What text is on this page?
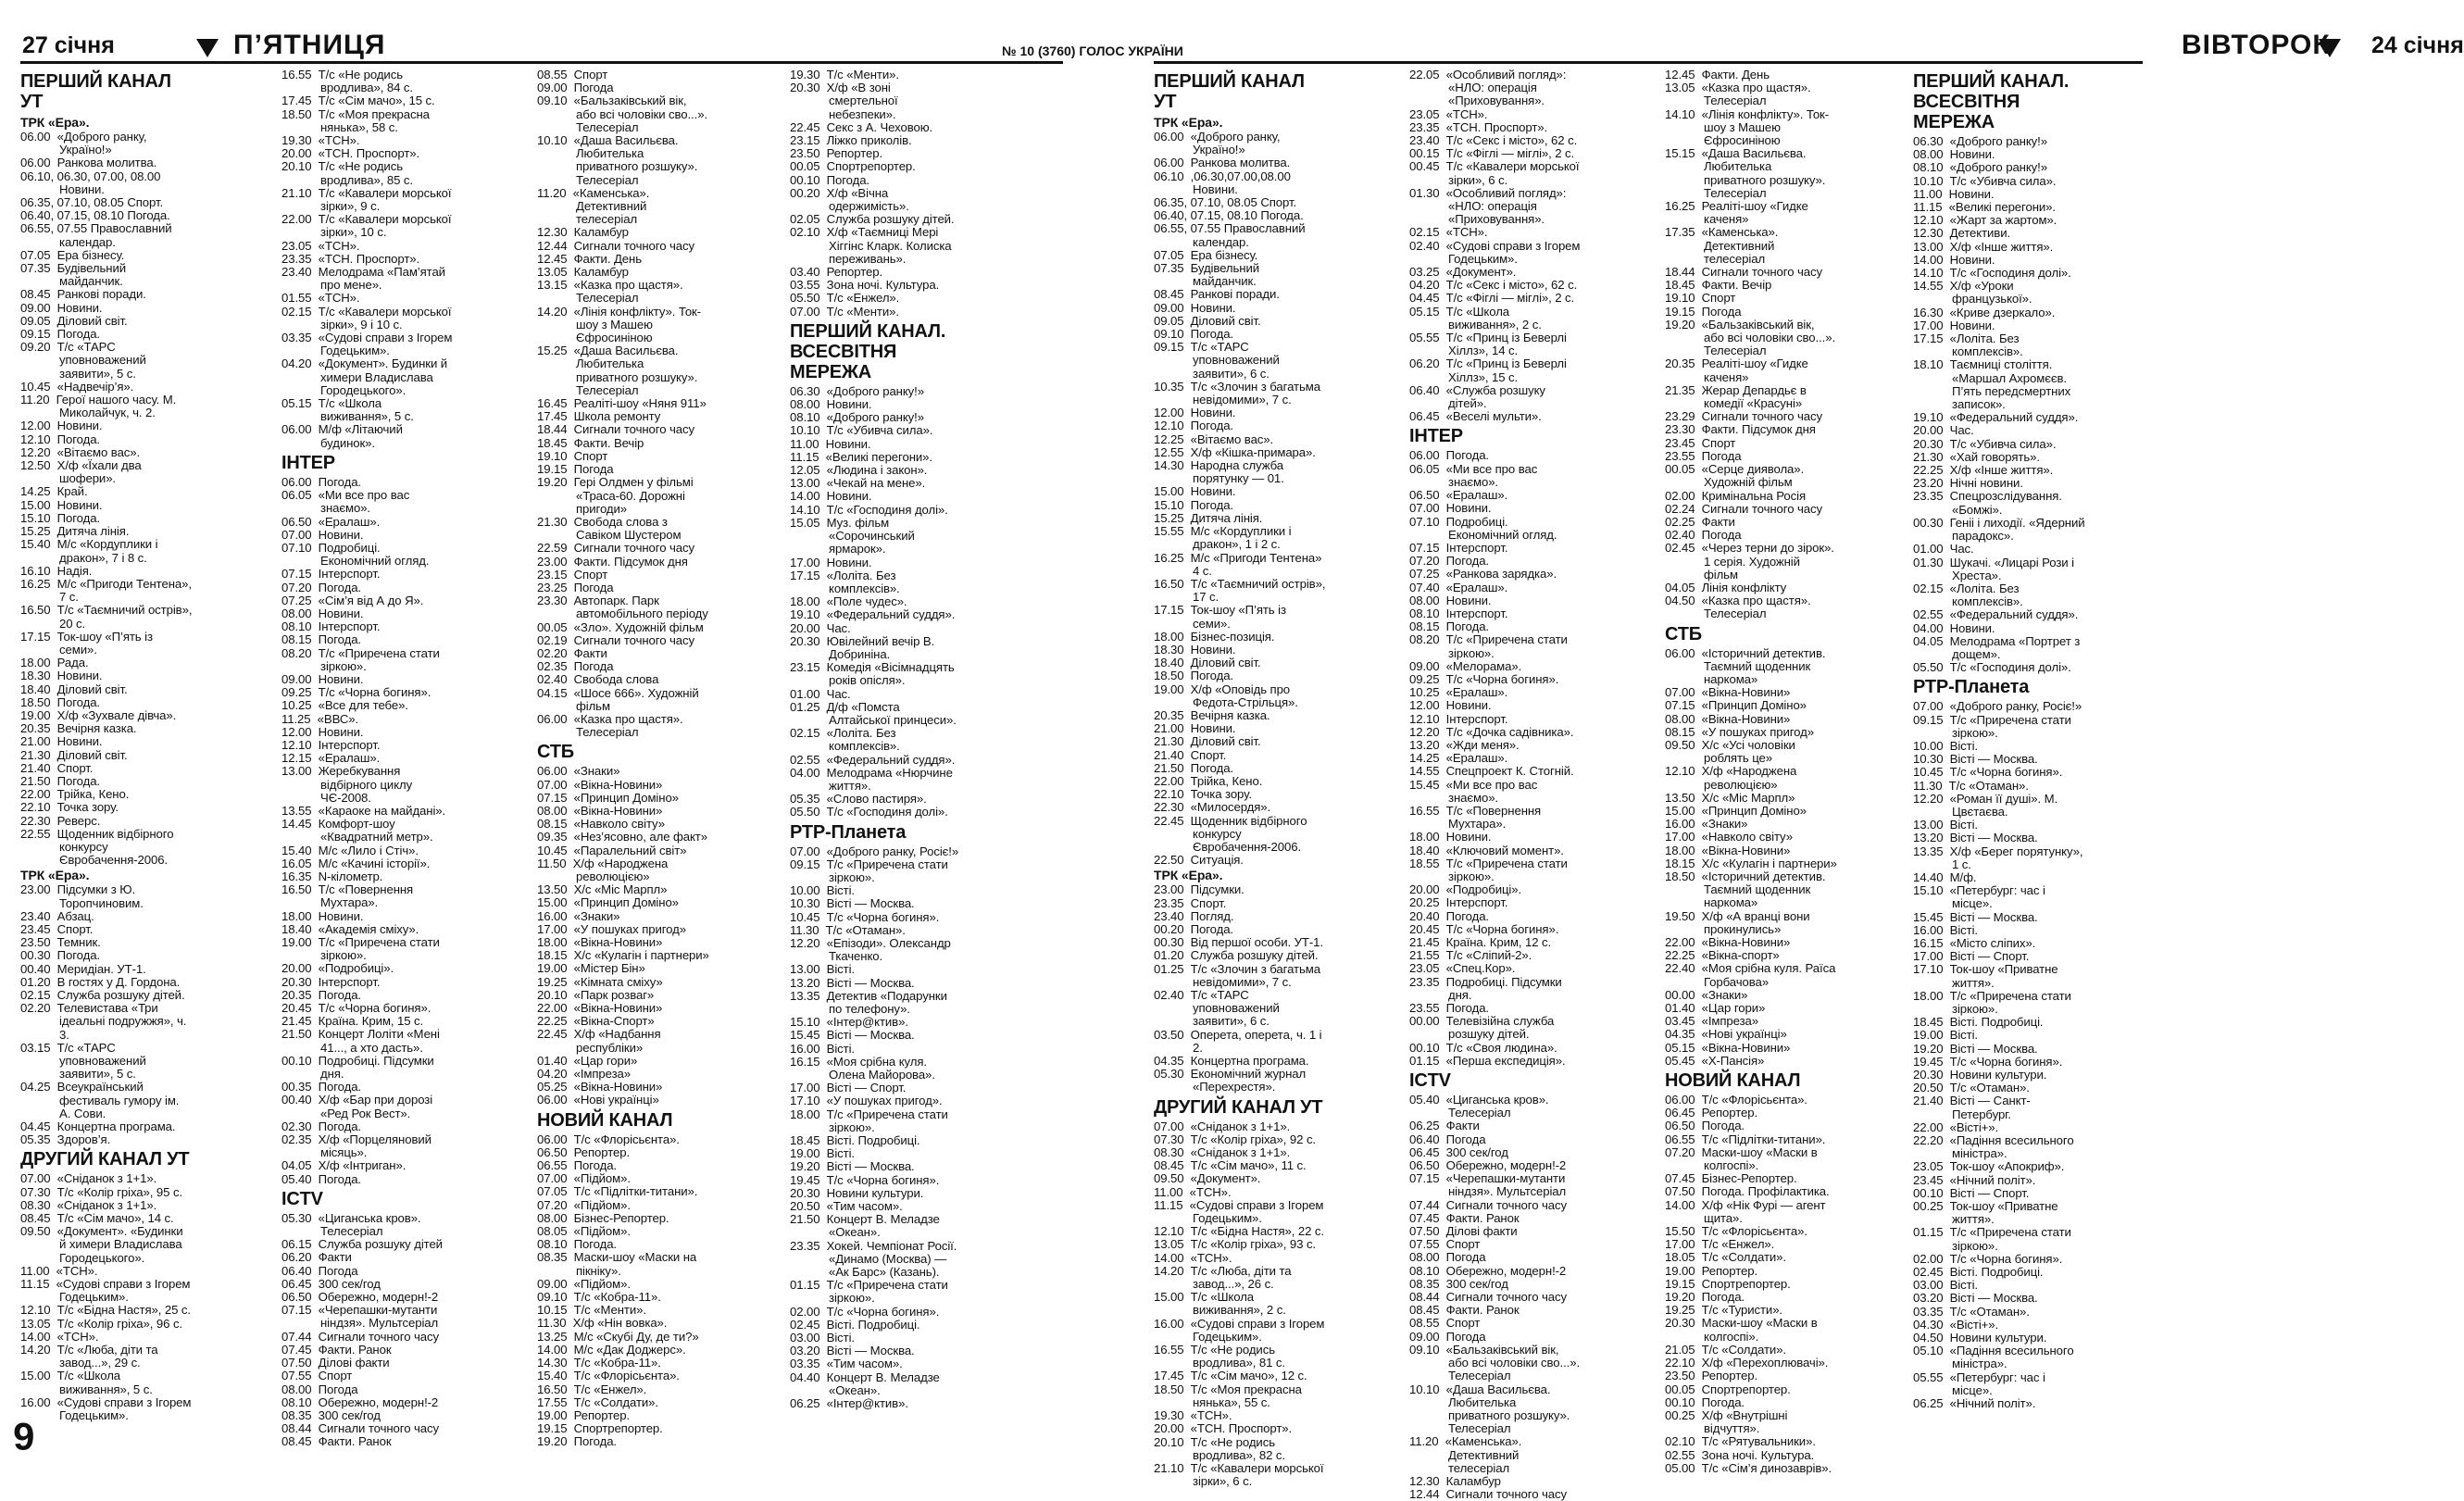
27 січня	П’ЯТНИЦЯ	№ 10 (3760) ГОЛОС УКРАЇНИ
ПЕРШИЙ КАНАЛ УТ
ТРК «Ера».
06.00  «Доброго ранку, Україно!»
06.00  Ранкова молитва.
06.10, 06.30, 07.00, 08.00 Новини.
06.35, 07.10, 08.05 Спорт.
06.40, 07.15, 08.10 Погода.
06.55, 07.55 Православний календар.
07.05  Ера бізнесу.
07.35  Будівельний майданчик.
08.45  Ранкові поради.
09.00  Новини.
09.05  Діловий світ.
09.15  Погода.
09.20  Т/с «ТАРС уповноважений заявити», 5 с.
10.45  «Надвечір’я».
11.20  Герої нашого часу. М. Миколайчук, ч. 2.
12.00  Новини.
12.10  Погода.
12.20  «Вітаємо вас».
12.50  Х/ф «Їхали два шофери».
14.25  Край.
15.00  Новини.
15.10  Погода.
15.25  Дитяча лінія.
15.40  М/с «Кордуплики і дракон», 7 і 8 с.
16.10  Надія.
16.25  М/с «Пригоди Тентена», 7 с.
16.50  Т/с «Таємничий острів», 20 с.
17.15  Ток-шоу «П’ять із семи».
18.00  Рада.
18.30  Новини.
18.40  Діловий світ.
18.50  Погода.
19.00  Х/ф «Зухвале дівча».
20.35  Вечірня казка.
21.00  Новини.
21.30  Діловий світ.
21.40  Спорт.
21.50  Погода.
22.00  Трійка, Кено.
22.10  Точка зору.
22.30  Реверс.
22.55  Щоденник відбірного конкурсу Євробачення-2006.
ТРК «Ера».
23.00  Підсумки з Ю. Торопчиновим.
23.40  Абзац.
23.45  Спорт.
23.50  Темник.
00.30  Погода.
00.40  Меридіан. УТ-1.
01.20  В гостях у Д. Гордона.
02.15  Служба розшуку дітей.
02.20  Телевистава «Три ідеальні подружжя», ч. 3.
03.15  Т/с «ТАРС уповноважений заявити», 5 с.
04.25  Всеукраїнський фестиваль гумору ім. А. Сови.
04.45  Концертна програма.
05.35  Здоров’я.
ДРУГИЙ КАНАЛ УТ
07.00  «Сніданок з 1+1».
07.30  Т/с «Колір гріха», 95 с.
08.30  «Сніданок з 1+1».
08.45  Т/с «Сім мачо», 14 с.
09.50  «Документ». «Будинки й химери Владислава Городецького».
11.00  «ТСН».
11.15  «Судові справи з Ігорем Годецьким».
12.10  Т/с «Бідна Настя», 25 с.
13.05  Т/с «Колір гріха», 96 с.
14.00  «ТСН».
14.20  Т/с «Люба, діти та завод...», 29 с.
15.00  Т/с «Школа виживання», 5 с.
16.00  «Судові справи з Ігорем Годецьким».
16.55  Т/с «Не родись вродлива», 84 с.
17.45  Т/с «Сім мачо», 15 с.
18.50  Т/с «Моя прекрасна нянька», 58 с.
19.30  «ТСН».
20.00  «ТСН. Проспорт».
20.10  Т/с «Не родись вродлива», 85 с.
21.10  Т/с «Кавалери морської зірки», 9 с.
22.00  Т/с «Кавалери морської зірки», 10 с.
23.05  «ТСН».
23.35  «ТСН. Проспорт».
23.40  Мелодрама «Пам’ятай про мене».
01.55  «ТСН».
02.15  Т/с «Кавалери морської зірки», 9 і 10 с.
03.35  «Судові справи з Ігорем Годецьким».
04.20  «Документ». Будинки й химери Владислава Городецького».
05.15  Т/с «Школа виживання», 5 с.
06.00  М/ф «Літаючий будинок».
ІНТЕР
06.00  Погода.
06.05  «Ми все про вас знаємо».
06.50  «Ералаш».
07.00  Новини.
07.10  Подробиці. Економічний огляд.
07.15  Інтерспорт.
07.20  Погода.
07.25  «Сім’я від А до Я».
08.00  Новини.
08.10  Інтерспорт.
08.15  Погода.
08.20  Т/с «Приречена стати зіркою».
09.00  Новини.
09.25  Т/с «Чорна богиня».
10.25  «Все для тебе».
11.25  «ВВС».
12.00  Новини.
12.10  Інтерспорт.
12.15  «Ералаш».
13.00  Жеребкування відбірного циклу ЧЄ-2008.
13.55  «Караоке на майдані».
14.45  Комфорт-шоу «Квадратний метр».
15.40  М/с «Лило і Стіч».
16.05  М/с «Качині історії».
16.35  N-кілометр.
16.50  Т/с «Повернення Мухтара».
18.00  Новини.
18.40  «Академія сміху».
19.00  Т/с «Приречена стати зіркою».
20.00  «Подробиці».
20.30  Інтерспорт.
20.35  Погода.
20.45  Т/с «Чорна богиня».
21.45  Країна. Крим, 15 с.
21.50  Концерт Лоліти «Мені 41..., а хто дасть».
00.10  Подробиці. Підсумки дня.
00.35  Погода.
00.40  Х/ф «Бар при дорозі «Ред Рок Вест».
02.30  Погода.
02.35  Х/ф «Порцеляновий місяць».
04.05  Х/ф «Інтриган».
05.40  Погода.
ІCTV
05.30  «Циганська кров». Телесеріал
06.15  Служба розшуку дітей
06.20  Факти
06.40  Погода
06.45  300 сек/год
06.50  Обережно, модерн!-2
07.15  «Черепашки-мутанти ніндзя». Мультсеріал
07.44  Сигнали точного часу
07.45  Факти. Ранок
07.50  Ділові факти
07.55  Спорт
08.00  Погода
08.10  Обережно, модерн!-2
08.35  300 сек/год
08.44  Сигнали точного часу
08.45  Факти. Ранок
08.55  Спорт
09.00  Погода
09.10  «Бальзаківський вік, або всі чоловіки сво...». Телесеріал
10.10  «Даша Васильєва. Любителька приватного розшуку». Телесеріал
11.20  «Каменська». Детективний телесеріал
12.30  Каламбур
12.44  Сигнали точного часу
12.45  Факти. День
13.05  Каламбур
13.15  «Казка про щастя». Телесеріал
14.20  «Лінія конфлікту». Ток-шоу з Машею Єфросиніною
15.25  «Даша Васильєва. Любителька приватного розшуку». Телесеріал
16.45  Реаліті-шоу «Няня 911»
17.45  Школа ремонту
18.44  Сигнали точного часу
18.45  Факти. Вечір
19.10  Спорт
19.15  Погода
19.20  Гері Олдмен у фільмі «Траса-60. Дорожні пригоди»
21.30  Свобода слова з Савіком Шустером
22.59  Сигнали точного часу
23.00  Факти. Підсумок дня
23.15  Спорт
23.25  Погода
23.30  Автопарк. Парк автомобільного періоду
00.05  «Зло». Художній фільм
02.19  Сигнали точного часу
02.20  Факти
02.35  Погода
02.40  Свобода слова
04.15  «Шосе 666». Художній фільм
06.00  «Казка про щастя». Телесеріал
СТБ
06.00  «Знаки»
07.00  «Вікна-Новини»
07.15  «Принцип Доміно»
08.00  «Вікна-Новини»
08.15  «Навколо світу»
09.35  «Нез’ясовно, але факт»
10.45  «Паралельний світ»
11.50  Х/ф «Народжена революцією»
13.50  Х/с «Міс Марпл»
15.00  «Принцип Доміно»
16.00  «Знаки»
17.00  «У пошуках пригод»
18.00  «Вікна-Новини»
18.15  Х/с «Кулагін і партнери»
19.00  «Містер Бін»
19.25  «Кімната сміху»
20.10  «Парк розваг»
22.00  «Вікна-Новини»
22.25  «Вікна-Спорт»
22.45  Х/ф «Надбання республіки»
01.40  «Цар гори»
04.20  «Імпреза»
05.25  «Вікна-Новини»
06.00  «Нові українці»
НОВИЙ КАНАЛ
06.00  Т/с «Флорісьєнта».
06.50  Репортер.
06.55  Погода.
07.00  «Підйом».
07.05  Т/с «Підлітки-титани».
07.20  «Підйом».
08.00  Бізнес-Репортер.
08.05  «Підйом».
08.10  Погода.
08.35  Маски-шоу «Маски на пікніку».
09.00  «Підйом».
09.10  Т/с «Кобра-11».
10.15  Т/с «Менти».
11.30  Х/ф «Нін вовка».
13.25  М/с «Скубі Ду, де ти?»
14.00  М/с «Дак Доджерс».
14.30  Т/с «Кобра-11».
15.40  Т/с «Флорісьєнта».
16.50  Т/с «Енжел».
17.55  Т/с «Солдати».
19.00  Репортер.
19.15  Спортрепортер.
19.20  Погода.
19.30  Т/с «Менти».
20.30  Х/ф «В зоні смертельної небезпеки».
22.45  Секс з А. Чеховою.
23.15  Ліжко приколів.
23.50  Репортер.
00.05  Спортрепортер.
00.10  Погода.
00.20  Х/ф «Вічна одержимість».
02.05  Служба розшуку дітей.
02.10  Х/ф «Таємниці Мері Хіггінс Кларк. Колиска переживань».
03.40  Репортер.
03.55  Зона ночі. Культура.
05.50  Т/с «Енжел».
07.00  Т/с «Менти».
ПЕРШИЙ КАНАЛ. ВСЕСВІТНЯ МЕРЕЖА
06.30  «Доброго ранку!»
08.00  Новини.
08.10  «Доброго ранку!»
10.10  Т/с «Убивча сила».
11.00  Новини.
11.15  «Великі перегони».
12.05  «Людина і закон».
13.00  «Чекай на мене».
14.00  Новини.
14.10  Т/с «Господиня долі».
15.05  Муз. фільм «Сорочинський ярмарок».
17.00  Новини.
17.15  «Лоліта. Без комплексів».
18.00  «Поле чудес».
19.10  «Федеральний суддя».
20.00  Час.
20.30  Ювілейний вечір В. Добриніна.
23.15  Комедія «Вісімнадцять років опісля».
01.00  Час.
01.25  Д/ф «Помста Алтайської принцеси».
02.15  «Лоліта. Без комплексів».
02.55  «Федеральний суддя».
04.00  Мелодрама «Нюрчине життя».
05.35  «Слово пастиря».
05.50  Т/с «Господиня долі».
РТР-Планета
07.00  «Доброго ранку, Росіє!»
09.15  Т/с «Приречена стати зіркою».
10.00  Вісті.
10.30  Вісті — Москва.
10.45  Т/с «Чорна богиня».
11.30  Т/с «Отаман».
12.20  «Епізоди». Олександр Ткаченко.
13.00  Вісті.
13.20  Вісті — Москва.
13.35  Детектив «Подарунки по телефону».
15.10  «Інтер@ктив».
15.45  Вісті — Москва.
16.00  Вісті.
16.15  «Моя срібна куля. Олена Майорова».
17.00  Вісті — Спорт.
17.10  «У пошуках пригод».
18.00  Т/с «Приречена стати зіркою».
18.45  Вісті. Подробиці.
19.00  Вісті.
19.20  Вісті — Москва.
19.45  Т/с «Чорна богиня».
20.30  Новини культури.
20.50  «Тим часом».
21.50  Концерт В. Меладзе «Океан».
23.35  Хокей. Чемпіонат Росії. «Динамо (Москва) — «Ак Барс» (Казань).
01.15  Т/с «Приречена стати зіркою».
02.00  Т/с «Чорна богиня».
02.45  Вісті. Подробиці.
03.00  Вісті.
03.20  Вісті — Москва.
03.35  «Тим часом».
04.40  Концерт В. Меладзе «Океан».
06.25  «Інтер@ктив».
6
ВІВТОРОК 24 січня
ПЕРШИЙ КАНАЛ УТ
ТРК «Ера».
06.00  «Доброго ранку, Україно!»
06.00  Ранкова молитва.
06.10  ,06.30,07.00,08.00 Новини.
06.35, 07.10, 08.05 Спорт.
06.40, 07.15, 08.10 Погода.
06.55, 07.55 Православний календар.
07.05  Ера бізнесу.
07.35  Будівельний майданчик.
08.45  Ранкові поради.
09.00  Новини.
09.05  Діловий світ.
09.10  Погода.
09.15  Т/с «ТАРС уповноважений заявити», 6 с.
10.35  Т/с «Злочин з багатьма невідомими», 7 с.
12.00  Новини.
12.10  Погода.
12.25  «Вітаємо вас».
12.55  Х/ф «Кішка-примара».
14.30  Народна служба порятунку — 01.
15.00  Новини.
15.10  Погода.
15.25  Дитяча лінія.
15.55  М/с «Кордуплики і дракон», 1 і 2 с.
16.25  М/с «Пригоди Тентена» 4 с.
16.50  Т/с «Таємничий острів», 17 с.
17.15  Ток-шоу «П’ять із семи».
18.00  Бізнес-позиція.
18.30  Новини.
18.40  Діловий світ.
18.50  Погода.
19.00  Х/ф «Оповідь про Федота-Стрільця».
20.35  Вечірня казка.
21.00  Новини.
21.30  Діловий світ.
21.40  Спорт.
21.50  Погода.
22.00  Трійка, Кено.
22.10  Точка зору.
22.30  «Милосердя».
22.45  Щоденник відбірного конкурсу Євробачення-2006.
22.50  Ситуація.
ТРК «Ера».
23.00  Підсумки.
23.35  Спорт.
23.40  Погляд.
00.20  Погода.
00.30  Від першої особи. УТ-1.
01.20  Служба розшуку дітей.
01.25  Т/с «Злочин з багатьма невідомими», 7 с.
02.40  Т/с «ТАРС уповноважений заявити», 6 с.
03.50  Оперета, оперета, ч. 1 і 2.
04.35  Концертна програма.
05.30  Економічний журнал «Перехрестя».
ДРУГИЙ КАНАЛ УТ
07.00  «Сніданок з 1+1».
07.30  Т/с «Колір гріха», 92 с.
08.30  «Сніданок з 1+1».
08.45  Т/с «Сім мачо», 11 с.
09.50  «Документ».
11.00  «ТСН».
11.15  «Судові справи з Ігорем Годецьким».
12.10  Т/с «Бідна Настя», 22 с.
13.05  Т/с «Колір гріха», 93 с.
14.00  «ТСН».
14.20  Т/с «Люба, діти та завод...», 26 с.
15.00  Т/с «Школа виживання», 2 с.
16.00  «Судові справи з Ігорем Годецьким».
16.55  Т/с «Не родись вродлива», 81 с.
17.45  Т/с «Сім мачо», 12 с.
18.50  Т/с «Моя прекрасна нянька», 55 с.
19.30  «ТСН».
20.00  «ТСН. Проспорт».
20.10  Т/с «Не родись вродлива», 82 с.
21.10  Т/с «Кавалери морської зірки», 6 с.
22.05  «Особливий погляд»: «НЛО: операція «Приховування».
23.05  «ТСН».
23.35  «ТСН. Проспорт».
23.40  Т/с «Секс і місто», 62 с.
00.15  Т/с «Фіглі — міглі», 2 с.
00.45  Т/с «Кавалери морської зірки», 6 с.
01.30  «Особливий погляд»: «НЛО: операція «Приховування».
02.15  «ТСН».
02.40  «Судові справи з Ігорем Годецьким».
03.25  «Документ».
04.20  Т/с «Секс і місто», 62 с.
04.45  Т/с «Фіглі — міглі», 2 с.
05.15  Т/с «Школа виживання», 2 с.
05.55  Т/с «Принц із Беверлі Хіллз», 14 с.
06.20  Т/с «Принц із Беверлі Хіллз», 15 с.
06.40  «Служба розшуку дітей».
06.45  «Веселі мульти».
ІНТЕР
06.00  Погода.
06.05  «Ми все про вас знаємо».
06.50  «Ералаш».
07.00  Новини.
07.10  Подробиці. Економічний огляд.
07.15  Інтерспорт.
07.20  Погода.
07.25  «Ранкова зарядка».
07.40  «Ералаш».
08.00  Новини.
08.10  Інтерспорт.
08.15  Погода.
08.20  Т/с «Приречена стати зіркою».
09.00  «Мелорама».
09.25  Т/с «Чорна богиня».
10.25  «Ералаш».
12.00  Новини.
12.10  Інтерспорт.
12.20  Т/с «Дочка садівника».
13.20  «Жди меня».
14.25  «Ералаш».
14.55  Спецпроект К. Стогній.
15.45  «Ми все про вас знаємо».
16.55  Т/с «Повернення Мухтара».
18.00  Новини.
18.40  «Ключовий момент».
18.55  Т/с «Приречена стати зіркою».
20.00  «Подробиці».
20.25  Інтерспорт.
20.40  Погода.
20.45  Т/с «Чорна богиня».
21.45  Країна. Крим, 12 с.
21.55  Т/с «Сліпий-2».
23.05  «Спец.Кор».
23.35  Подробиці. Підсумки дня.
23.55  Погода.
00.00  Телевізійна служба розшуку дітей.
00.10  Т/с «Своя людина».
01.15  «Перша експедиція».
ІCTV
05.40  «Циганська кров». Телесеріал
06.25  Факти
06.40  Погода
06.45  300 сек/год
06.50  Обережно, модерн!-2
07.15  «Черепашки-мутанти ніндзя». Мультсеріал
07.44  Сигнали точного часу
07.45  Факти. Ранок
07.50  Ділові факти
07.55  Спорт
08.00  Погода
08.10  Обережно, модерн!-2
08.35  300 сек/год
08.44  Сигнали точного часу
08.45  Факти. Ранок
08.55  Спорт
09.00  Погода
09.10  «Бальзаківський вік, або всі чоловіки сво...». Телесеріал
10.10  «Даша Васильєва. Любителька приватного розшуку». Телесеріал
11.20  «Каменська». Детективний телесеріал
12.30  Каламбур
12.44  Сигнали точного часу
12.45  Факти. День
13.05  «Казка про щастя». Телесеріал
14.10  «Лінія конфлікту». Ток-шоу з Машею Єфросиніною
15.15  «Даша Васильєва. Любителька приватного розшуку». Телесеріал
16.25  Реаліті-шоу «Гидке каченя»
17.35  «Каменська». Детективний телесеріал
18.44  Сигнали точного часу
18.45  Факти. Вечір
19.10  Спорт
19.15  Погода
19.20  «Бальзаківський вік, або всі чоловіки сво...». Телесеріал
20.35  Реаліті-шоу «Гидке каченя»
21.35  Жерар Депардьє в комедії «Красуні»
23.29  Сигнали точного часу
23.30  Факти. Підсумок дня
23.45  Спорт
23.55  Погода
00.05  «Серце диявола». Художній фільм
02.00  Кримінальна Росія
02.24  Сигнали точного часу
02.25  Факти
02.40  Погода
02.45  «Через терни до зірок». 1 серія. Художній фільм
04.05  Лінія конфлікту
04.50  «Казка про щастя». Телесеріал
СТБ
06.00  «Історичний детектив. Таємний щоденник наркома»
07.00  «Вікна-Новини»
07.15  «Принцип Доміно»
08.00  «Вікна-Новини»
08.15  «У пошуках пригод»
09.50  Х/с «Усі чоловіки роблять це»
12.10  Х/ф «Народжена революцією»
13.50  Х/с «Міс Марпл»
15.00  «Принцип Доміно»
16.00  «Знаки»
17.00  «Навколо світу»
18.00  «Вікна-Новини»
18.15  Х/с «Кулагін і партнери»
18.50  «Історичний детектив. Таємний щоденник наркома»
19.50  Х/ф «А вранці вони прокинулись»
22.00  «Вікна-Новини»
22.25  «Вікна-спорт»
22.40  «Моя срібна куля. Раїса Горбачова»
00.00  «Знаки»
01.40  «Цар гори»
03.45  «Імпреза»
04.35  «Нові українці»
05.15  «Вікна-Новини»
05.45  «Х-Пансія»
НОВИЙ КАНАЛ
06.00  Т/с «Флорісьєнта».
06.45  Репортер.
06.50  Погода.
06.55  Т/с «Підлітки-титани».
07.20  Маски-шоу «Маски в колгоспі».
07.45  Бізнес-Репортер.
07.50  Погода. Профілактика.
14.00  Х/ф «Нік Фурі — агент щита».
15.50  Т/с «Флорісьєнта».
17.00  Т/с «Енжел».
18.05  Т/с «Солдати».
19.00  Репортер.
19.15  Спортрепортер.
19.20  Погода.
19.25  Т/с «Туристи».
20.30  Маски-шоу «Маски в колгоспі».
21.05  Т/с «Солдати».
22.10  Х/ф «Перехоплювачі».
23.50  Репортер.
00.05  Спортрепортер.
00.10  Погода.
00.25  Х/ф «Внутрішні відчуття».
02.10  Т/с «Рятувальники».
02.55  Зона ночі. Культура.
05.00  Т/с «Сім’я динозаврів».
ПЕРШИЙ КАНАЛ. ВСЕСВІТНЯ МЕРЕЖА
06.30  «Доброго ранку!»
08.00  Новини.
08.10  «Доброго ранку!»
10.10  Т/с «Убивча сила».
11.00  Новини.
11.15  «Великі перегони».
12.10  «Жарт за жартом».
12.30  Детективи.
13.00  Х/ф «Інше життя».
14.00  Новини.
14.10  Т/с «Господиня долі».
14.55  Х/ф «Уроки французької».
16.30  «Криве дзеркало».
17.00  Новини.
17.15  «Лоліта. Без комплексів».
18.10  Таємниці століття. «Маршал Ахромєєв. П’ять передсмертних записок».
19.10  «Федеральний суддя».
20.00  Час.
20.30  Т/с «Убивча сила».
21.30  «Хай говорять».
22.25  Х/ф «Інше життя».
23.20  Нічні новини.
23.35  Спецрозслідування. «Бомжі».
00.30  Геніі і лиходії. «Ядерний парадокс».
01.00  Час.
01.30  Шукачі. «Лицарі Рози і Хреста».
02.15  «Лоліта. Без комплексів».
02.55  «Федеральний суддя».
04.00  Новини.
04.05  Мелодрама «Портрет з дощем».
05.50  Т/с «Господиня долі».
РТР-Планета
07.00  «Доброго ранку, Росіє!»
09.15  Т/с «Приречена стати зіркою».
10.00  Вісті.
10.30  Вісті — Москва.
10.45  Т/с «Чорна богиня».
11.30  Т/с «Отаман».
12.20  «Роман її душі». М. Цвєтаєва.
13.00  Вісті.
13.20  Вісті — Москва.
13.35  Х/ф «Берег порятунку», 1 с.
14.40  М/ф.
15.10  «Петербург: час і місце».
15.45  Вісті — Москва.
16.00  Вісті.
16.15  «Місто сліпих».
17.00  Вісті — Спорт.
17.10  Ток-шоу «Приватне життя».
18.00  Т/с «Приречена стати зіркою».
18.45  Вісті. Подробиці.
19.00  Вісті.
19.20  Вісті — Москва.
19.45  Т/с «Чорна богиня».
20.30  Новини культури.
20.50  Т/с «Отаман».
21.40  Вісті — Санкт-Петербург.
22.00  «Вісті+».
22.20  «Падіння всесильного міністра».
23.05  Ток-шоу «Апокриф».
23.45  «Нічний політ».
00.10  Вісті — Спорт.
00.25  Ток-шоу «Приватне життя».
01.15  Т/с «Приречена стати зіркою».
02.00  Т/с «Чорна богиня».
02.45  Вісті. Подробиці.
03.00  Вісті.
03.20  Вісті — Москва.
03.35  Т/с «Отаман».
04.30  «Вісті+».
04.50  Новини культури.
05.10  «Падіння всесильного міністра».
05.55  «Петербург: час і місце».
06.25  «Нічний політ».
